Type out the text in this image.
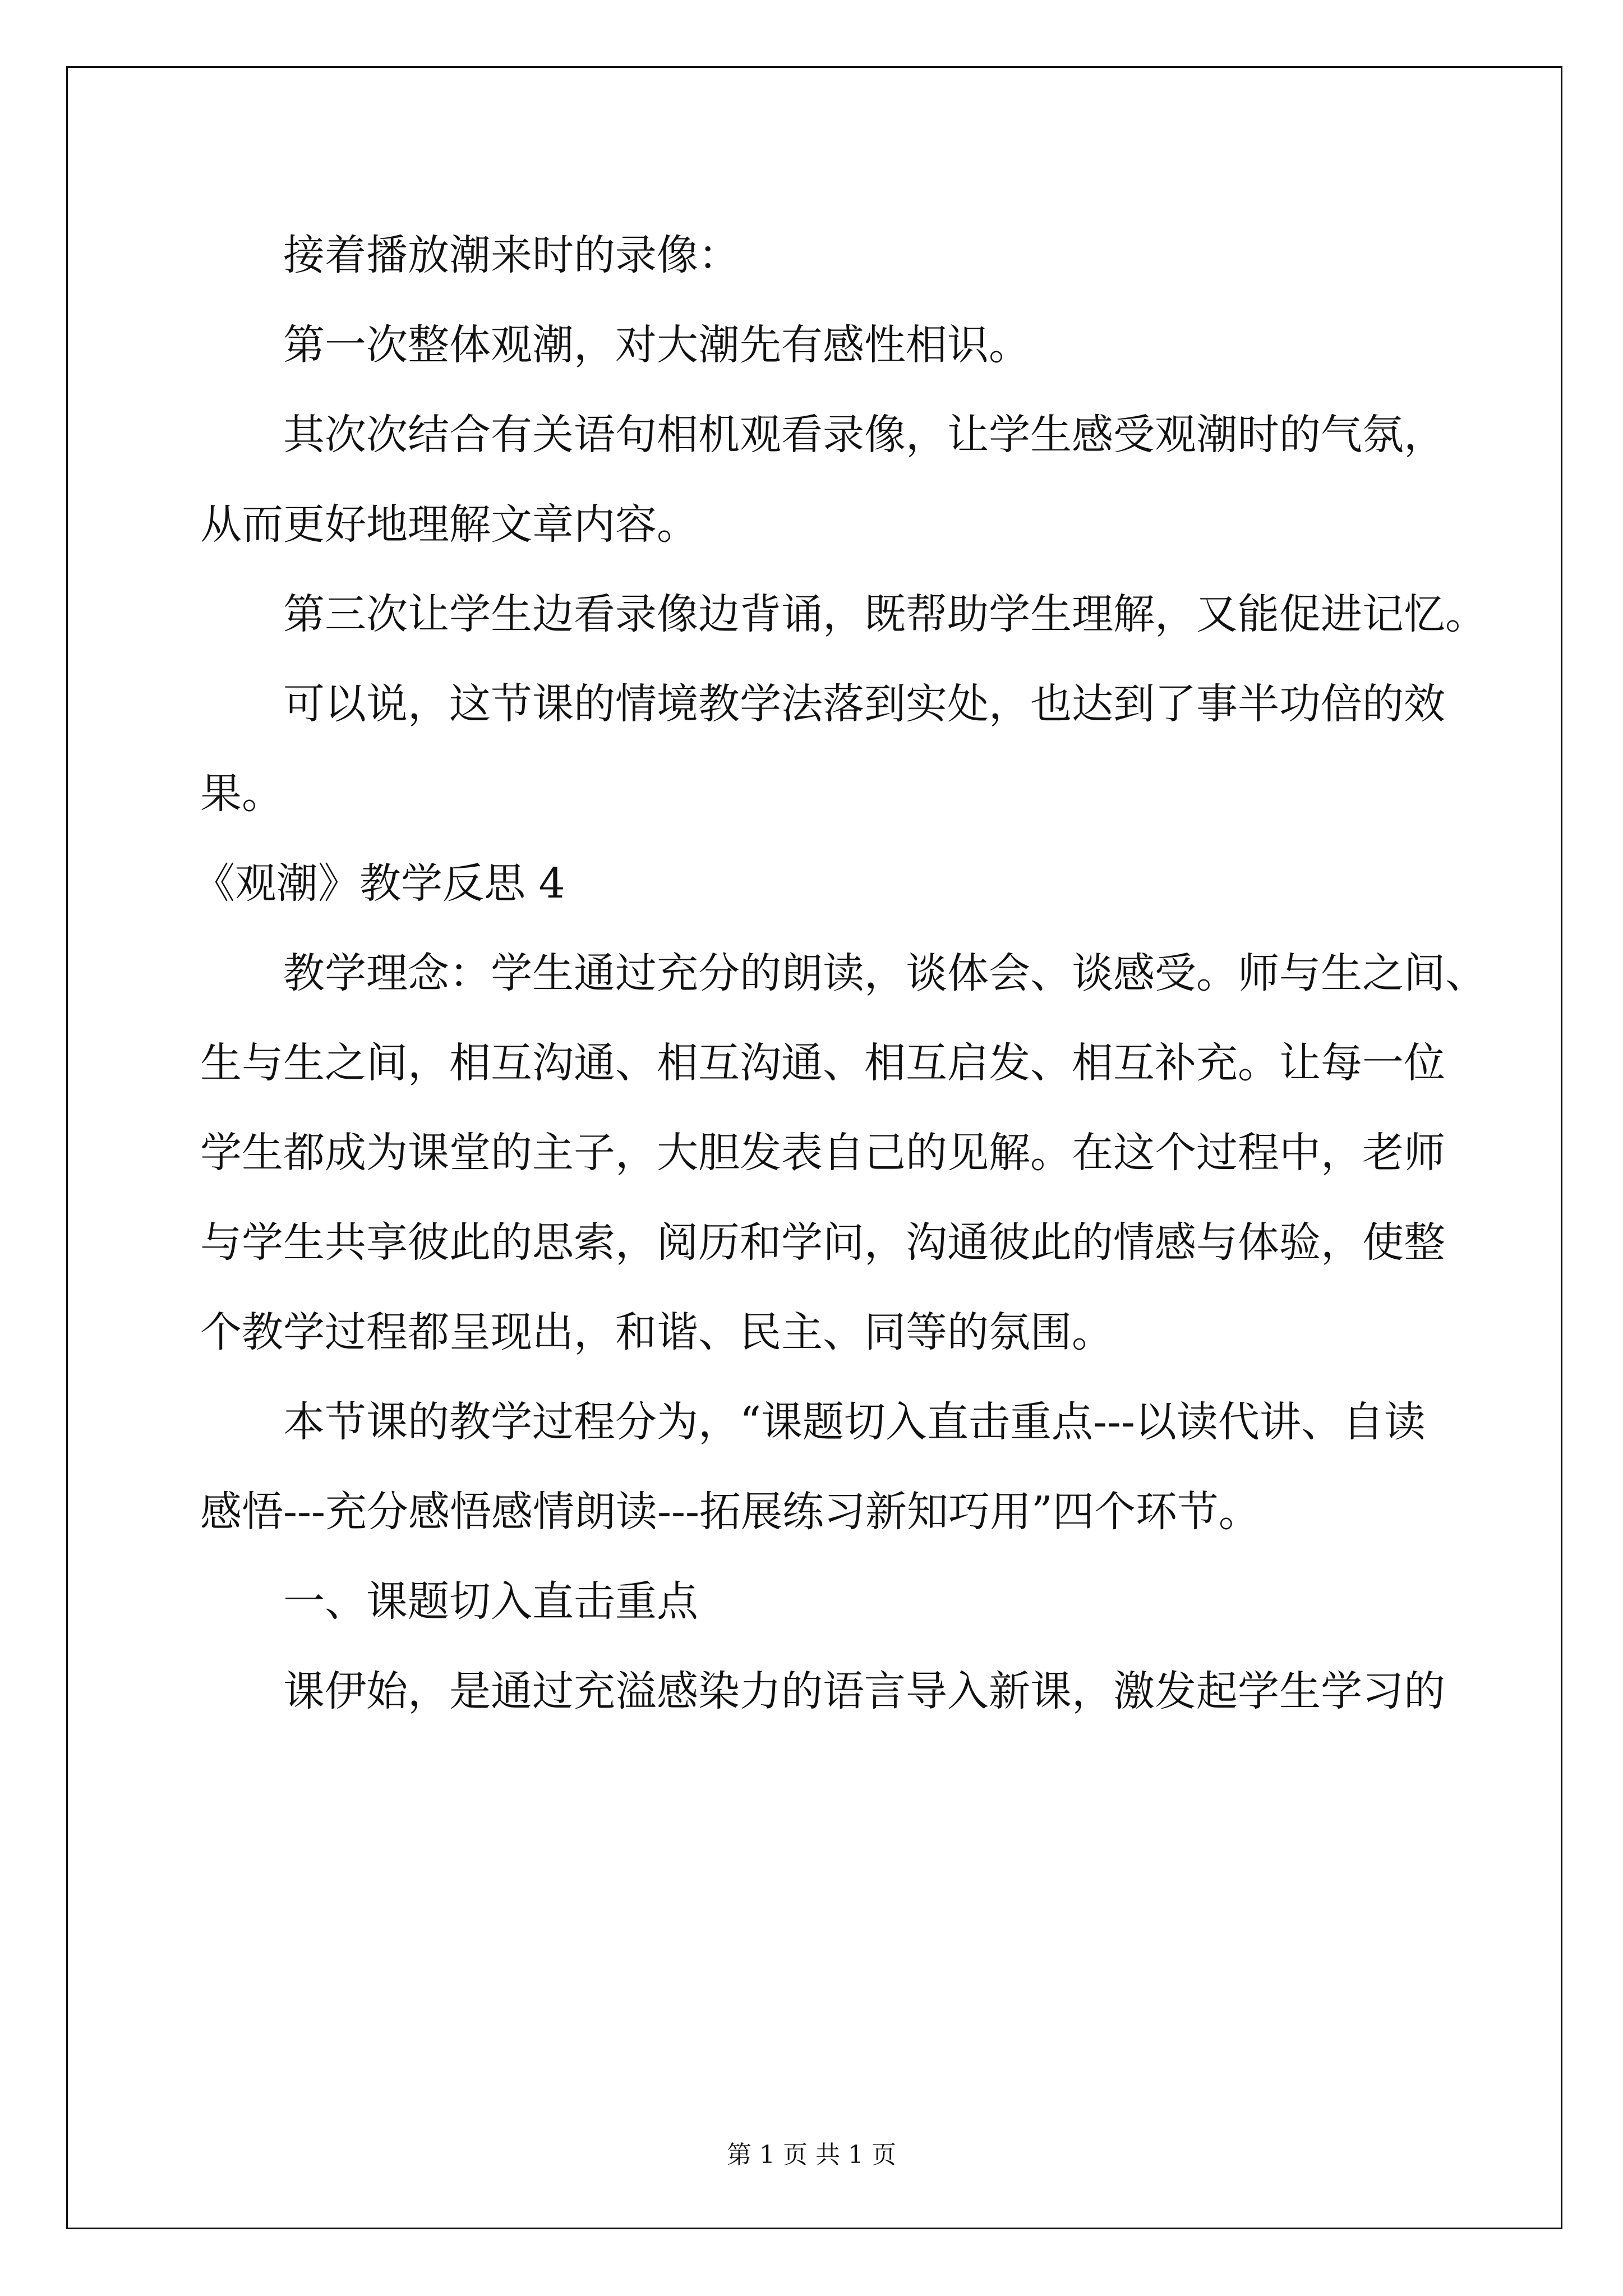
接着播放潮来时的录像：
第一次整体观潮，对大潮先有感性相识。
其次次结合有关语句相机观看录像，让学生感受观潮时的气氛，
从而更好地理解文章内容。
第三次让学生边看录像边背诵，既帮助学生理解，又能促进记忆。
可以说，这节课的情境教学法落到实处，也达到了事半功倍的效
果。
《观潮》教学反思 4
教学理念：学生通过充分的朗读，谈体会、谈感受。师与生之间、
生与生之间，相互沟通、相互沟通、相互启发、相互补充。让每一位
学生都成为课堂的主子，大胆发表自己的见解。在这个过程中，老师
与学生共享彼此的思索，阅历和学问，沟通彼此的情感与体验，使整
个教学过程都呈现出，和谐、民主、同等的氛围。
本节课的教学过程分为，“课题切入直击重点---以读代讲、自读
感悟---充分感悟感情朗读---拓展练习新知巧用”四个环节。
一、课题切入直击重点
课伊始，是通过充溢感染力的语言导入新课，激发起学生学习的
第 1 页 共 1 页
